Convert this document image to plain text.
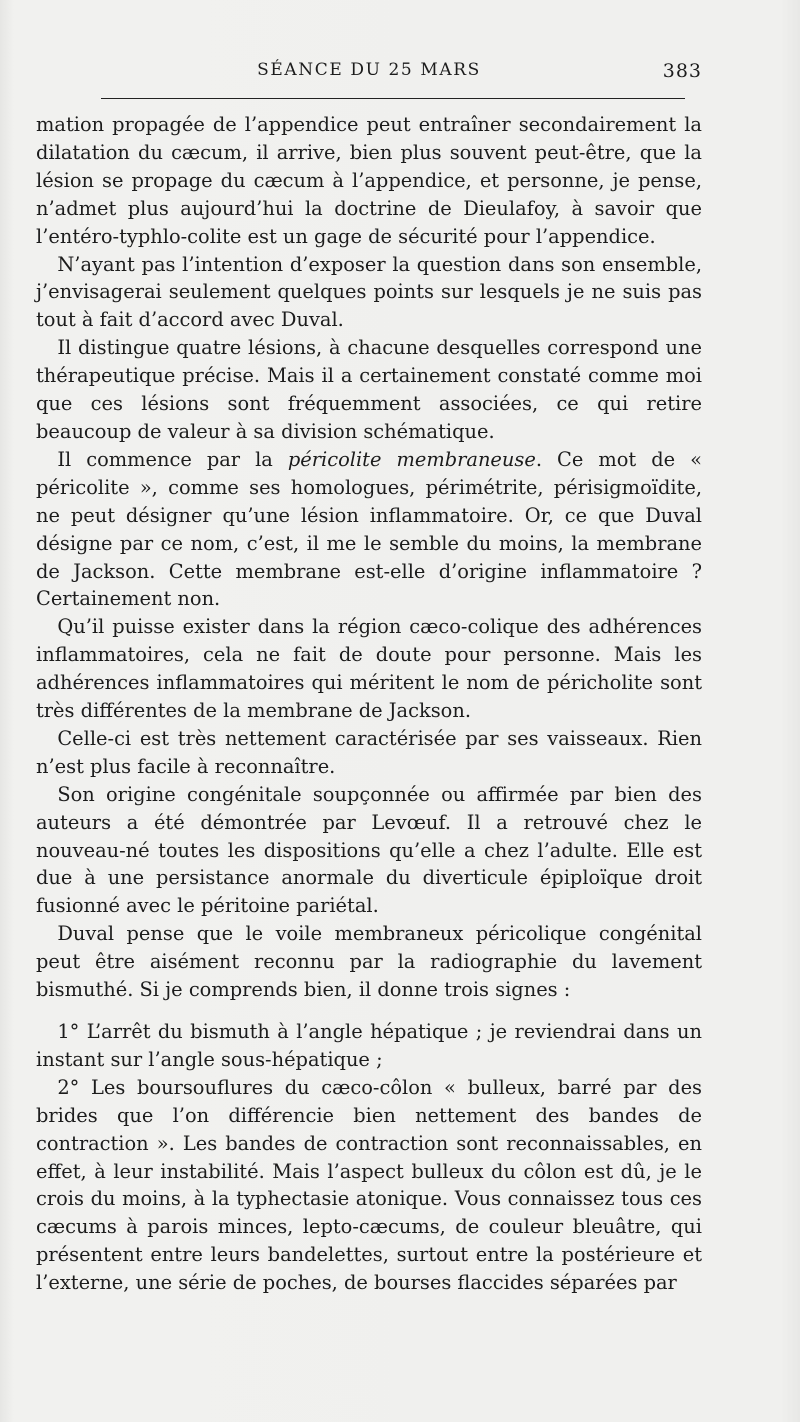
SÉANCE DU 25 MARS	383

mation propagée de l’appendice peut entraîner secondairement la dilatation du cæcum, il arrive, bien plus souvent peut-être, que la lésion se propage du cæcum à l’appendice, et personne, je pense, n’admet plus aujourd’hui la doctrine de Dieulafoy, à savoir que l’entéro-typhlo-colite est un gage de sécurité pour l’appendice.

N’ayant pas l’intention d’exposer la question dans son ensemble, j’envisagerai seulement quelques points sur lesquels je ne suis pas tout à fait d’accord avec Duval.

Il distingue quatre lésions, à chacune desquelles correspond une thérapeutique précise. Mais il a certainement constaté comme moi que ces lésions sont fréquemment associées, ce qui retire beaucoup de valeur à sa division schématique.

Il commence par la péricolite membraneuse. Ce mot de « péricolite », comme ses homologues, périmétrite, périsigmoïdite, ne peut désigner qu’une lésion inflammatoire. Or, ce que Duval désigne par ce nom, c’est, il me le semble du moins, la membrane de Jackson. Cette membrane est-elle d’origine inflammatoire ? Certainement non.

Qu’il puisse exister dans la région cæco-colique des adhérences inflammatoires, cela ne fait de doute pour personne. Mais les adhérences inflammatoires qui méritent le nom de péricholite sont très différentes de la membrane de Jackson.

Celle-ci est très nettement caractérisée par ses vaisseaux. Rien n’est plus facile à reconnaître.

Son origine congénitale soupçonnée ou affirmée par bien des auteurs a été démontrée par Levœuf. Il a retrouvé chez le nouveau-né toutes les dispositions qu’elle a chez l’adulte. Elle est due à une persistance anormale du diverticule épiploïque droit fusionné avec le péritoine pariétal.

Duval pense que le voile membraneux péricolique congénital peut être aisément reconnu par la radiographie du lavement bismuthé. Si je comprends bien, il donne trois signes :

1° L’arrêt du bismuth à l’angle hépatique ; je reviendrai dans un instant sur l’angle sous-hépatique ;

2° Les boursouflures du cæco-côlon « bulleux, barré par des brides que l’on différencie bien nettement des bandes de contraction ». Les bandes de contraction sont reconnaissables, en effet, à leur instabilité. Mais l’aspect bulleux du côlon est dû, je le crois du moins, à la typhectasie atonique. Vous connaissez tous ces cæcums à parois minces, lepto-cæcums, de couleur bleuâtre, qui présentent entre leurs bandelettes, surtout entre la postérieure et l’externe, une série de poches, de bourses flaccides séparées par
